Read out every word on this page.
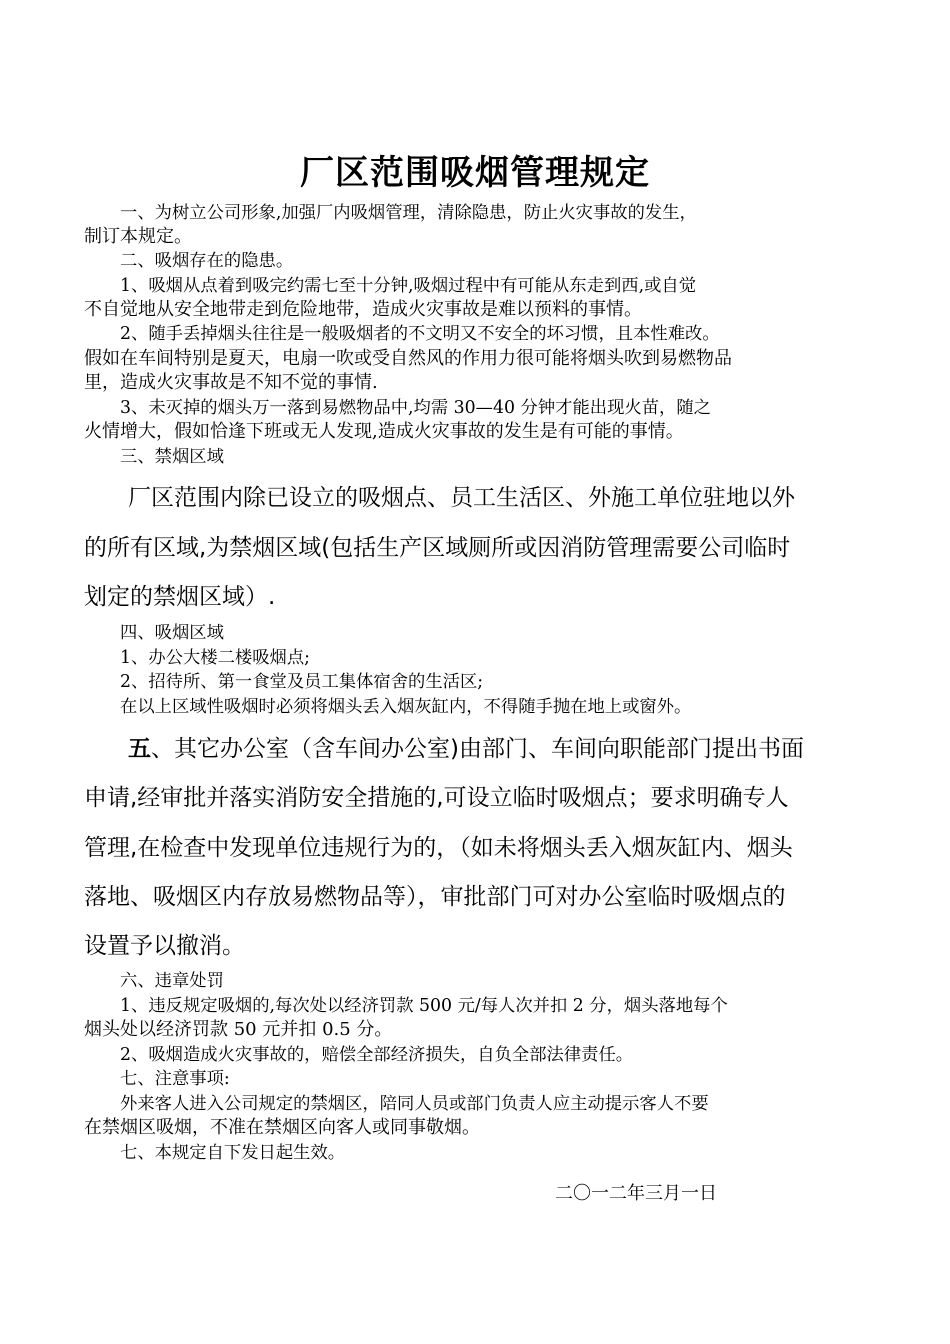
厂区范围吸烟管理规定
一、为树立公司形象,加强厂内吸烟管理，清除隐患，防止火灾事故的发生，
制订本规定。
二、吸烟存在的隐患。
1、吸烟从点着到吸完约需七至十分钟,吸烟过程中有可能从东走到西,或自觉
不自觉地从安全地带走到危险地带，造成火灾事故是难以预料的事情。
2、随手丢掉烟头往往是一般吸烟者的不文明又不安全的坏习惯，且本性难改。
假如在车间特别是夏天，电扇一吹或受自然风的作用力很可能将烟头吹到易燃物品
里，造成火灾事故是不知不觉的事情.
3、未灭掉的烟头万一落到易燃物品中,均需 30—40 分钟才能出现火苗，随之
火情增大，假如恰逢下班或无人发现,造成火灾事故的发生是有可能的事情。
三、禁烟区域
厂区范围内除已设立的吸烟点、员工生活区、外施工单位驻地以外
的所有区域,为禁烟区域(包括生产区域厕所或因消防管理需要公司临时
划定的禁烟区域）.
四、吸烟区域
1、办公大楼二楼吸烟点;
2、招待所、第一食堂及员工集体宿舍的生活区;
在以上区域性吸烟时必须将烟头丢入烟灰缸内，不得随手抛在地上或窗外。
五、其它办公室（含车间办公室)由部门、车间向职能部门提出书面
申请,经审批并落实消防安全措施的,可设立临时吸烟点；要求明确专人
管理,在检查中发现单位违规行为的，（如未将烟头丢入烟灰缸内、烟头
落地、吸烟区内存放易燃物品等），审批部门可对办公室临时吸烟点的
设置予以撤消。
六、违章处罚
1、违反规定吸烟的,每次处以经济罚款 500 元/每人次并扣 2 分，烟头落地每个
烟头处以经济罚款 50 元并扣 0.5 分。
2、吸烟造成火灾事故的，赔偿全部经济损失，自负全部法律责任。
七、注意事项:
外来客人进入公司规定的禁烟区，陪同人员或部门负责人应主动提示客人不要
在禁烟区吸烟，不准在禁烟区向客人或同事敬烟。
七、本规定自下发日起生效。
二〇一二年三月一日
